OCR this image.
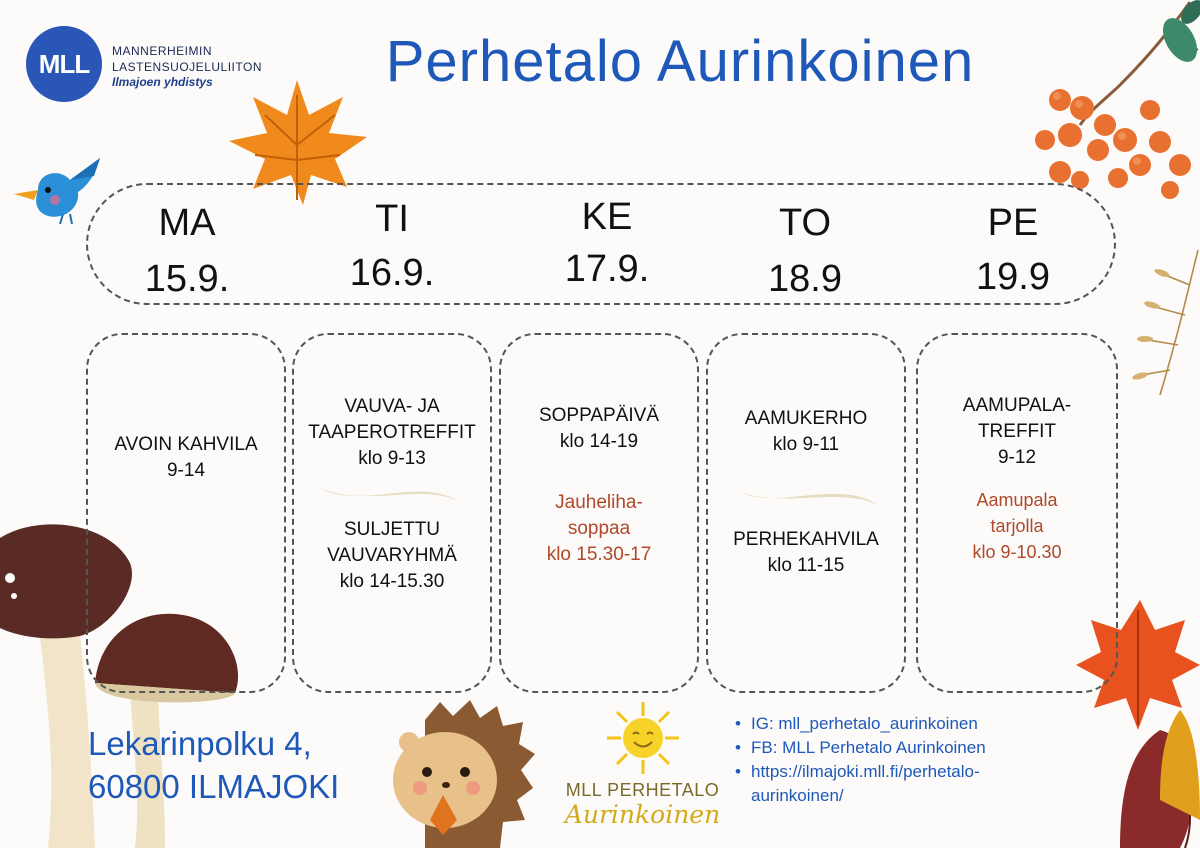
MLL	MANNERHEIMIN
LASTENSUOJELULIITON
Ilmajoen yhdistys	Perhetalo Aurinkoinen
MA
15.9.
TI
16.9.
KE
17.9.
TO
18.9
PE
19.9
AVOIN KAHVILA
9-14
VAUVA- JA
TAAPEROTREFFIT
klo 9-13
SULJETTU
VAUVARYHMÄ
klo 14-15.30
SOPPAPÄIVÄ
klo 14-19
Jauheliha-
soppaa
klo 15.30-17
AAMUKERHO
klo 9-11
PERHEKAHVILA
klo 11-15
AAMUPALA-
TREFFIT
9-12
Aamupala
tarjolla
klo 9-10.30
Lekarinpolku 4,
60800 ILMAJOKI	MLL PERHETALO
Aurinkoinen
• IG: mll_perhetalo_aurinkoinen
• FB: MLL Perhetalo Aurinkoinen
• https://ilmajoki.mll.fi/perhetalo-
aurinkoinen/
